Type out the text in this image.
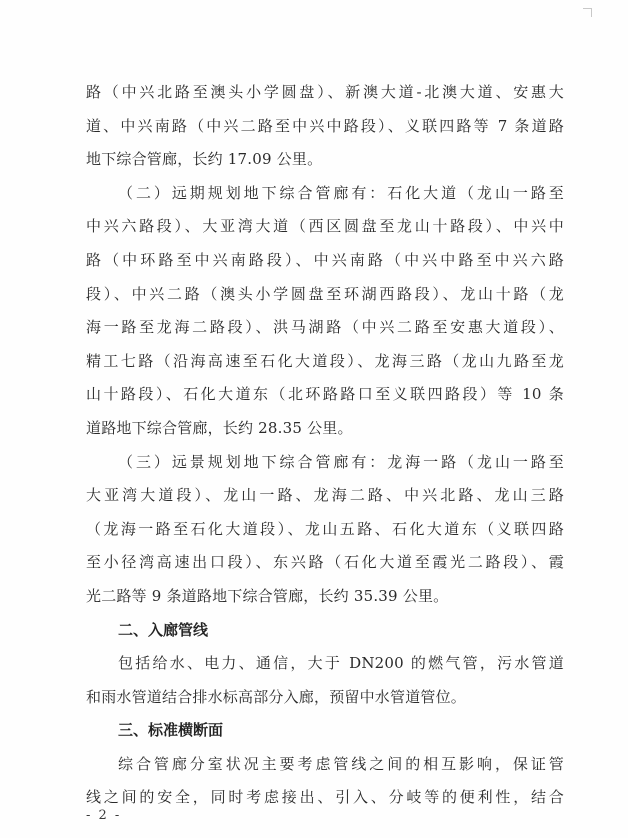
路（中兴北路至澳头小学圆盘）、新澳大道-北澳大道、安惠大
道、中兴南路（中兴二路至中兴中路段）、义联四路等 7 条道路
地下综合管廊，长约 17.09 公里。
（二）远期规划地下综合管廊有：石化大道（龙山一路至
中兴六路段）、大亚湾大道（西区圆盘至龙山十路段）、中兴中
路（中环路至中兴南路段）、中兴南路（中兴中路至中兴六路
段）、中兴二路（澳头小学圆盘至环湖西路段）、龙山十路（龙
海一路至龙海二路段）、洪马湖路（中兴二路至安惠大道段）、
精工七路（沿海高速至石化大道段）、龙海三路（龙山九路至龙
山十路段）、石化大道东（北环路路口至义联四路段）等 10 条
道路地下综合管廊，长约 28.35 公里。
（三）远景规划地下综合管廊有：龙海一路（龙山一路至
大亚湾大道段）、龙山一路、龙海二路、中兴北路、龙山三路
（龙海一路至石化大道段）、龙山五路、石化大道东（义联四路
至小径湾高速出口段）、东兴路（石化大道至霞光二路段）、霞
光二路等 9 条道路地下综合管廊，长约 35.39 公里。
二、入廊管线
包括给水、电力、通信，大于 DN200 的燃气管，污水管道
和雨水管道结合排水标高部分入廊，预留中水管道管位。
三、标准横断面
综合管廊分室状况主要考虑管线之间的相互影响，保证管
线之间的安全，同时考虑接出、引入、分岐等的便利性，结合
- 2 -
